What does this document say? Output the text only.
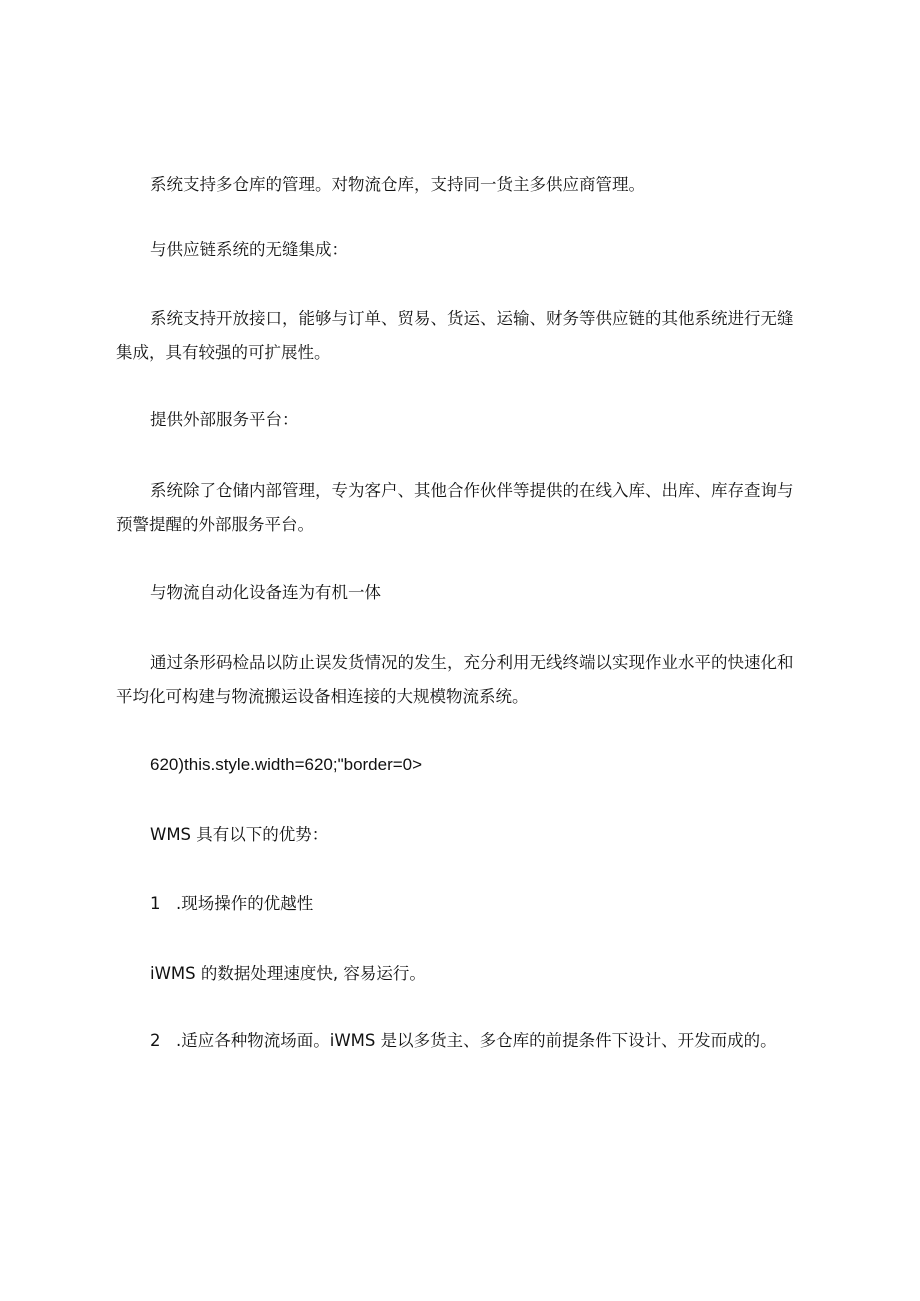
系统支持多仓库的管理。对物流仓库，支持同一货主多供应商管理。

与供应链系统的无缝集成：

系统支持开放接口，能够与订单、贸易、货运、运输、财务等供应链的其他系统进行无缝集成，具有较强的可扩展性。

提供外部服务平台：

系统除了仓储内部管理，专为客户、其他合作伙伴等提供的在线入库、出库、库存查询与预警提醒的外部服务平台。

与物流自动化设备连为有机一体

通过条形码检品以防止误发货情况的发生，充分利用无线终端以实现作业水平的快速化和平均化可构建与物流搬运设备相连接的大规模物流系统。

620)this.style.width=620;"border=0>

WMS 具有以下的优势：

1 .现场操作的优越性

iWMS 的数据处理速度快, 容易运行。

2 .适应各种物流场面。iWMS 是以多货主、多仓库的前提条件下设计、开发而成的。
